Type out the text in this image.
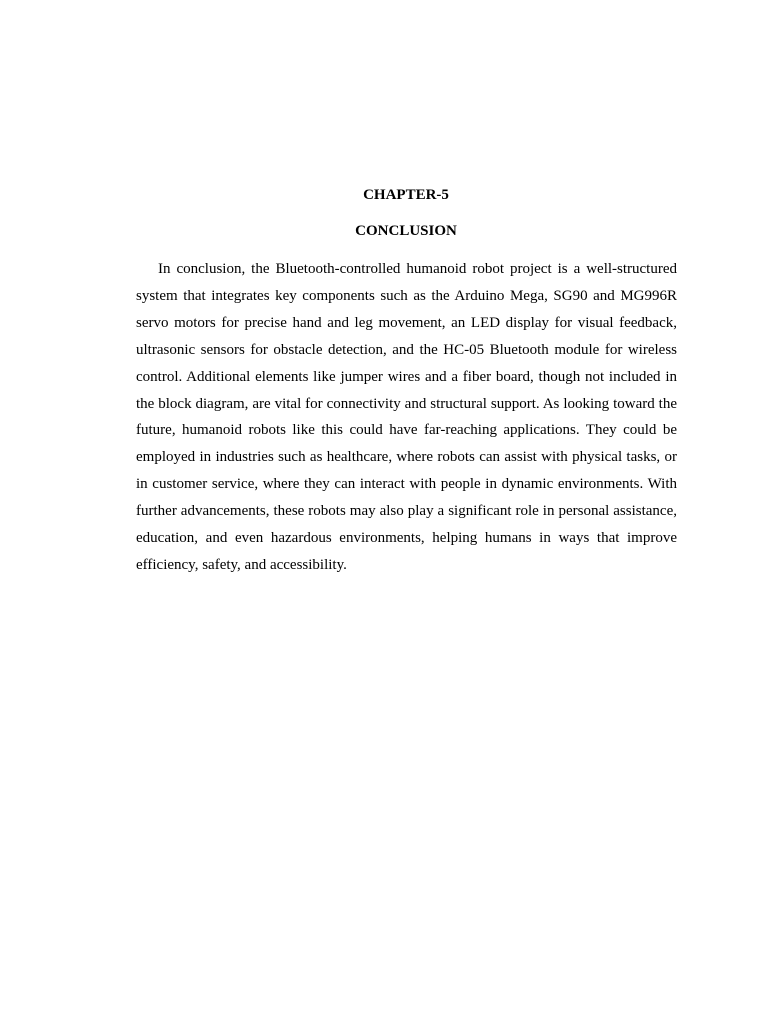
CHAPTER-5
CONCLUSION

In conclusion, the Bluetooth-controlled humanoid robot project is a well-structured system that integrates key components such as the Arduino Mega, SG90 and MG996R servo motors for precise hand and leg movement, an LED display for visual feedback, ultrasonic sensors for obstacle detection, and the HC-05 Bluetooth module for wireless control. Additional elements like jumper wires and a fiber board, though not included in the block diagram, are vital for connectivity and structural support. As looking toward the future, humanoid robots like this could have far-reaching applications. They could be employed in industries such as healthcare, where robots can assist with physical tasks, or in customer service, where they can interact with people in dynamic environments. With further advancements, these robots may also play a significant role in personal assistance, education, and even hazardous environments, helping humans in ways that improve efficiency, safety, and accessibility.
